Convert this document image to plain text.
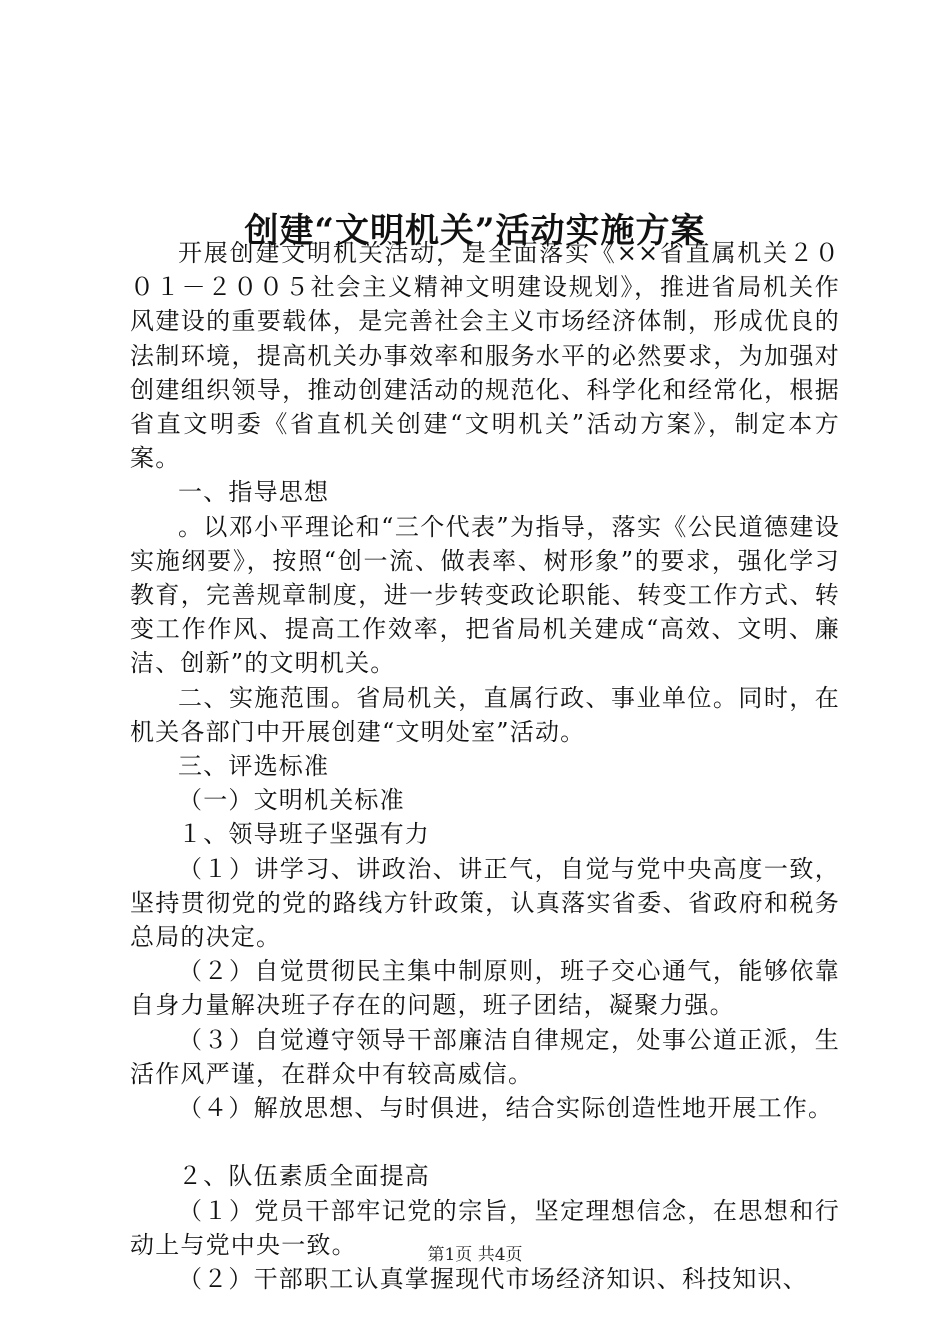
创建“文明机关”活动实施方案

开展创建文明机关活动，是全面落实《××省直属机关２００１－２００５社会主义精神文明建设规划》，推进省局机关作风建设的重要载体，是完善社会主义市场经济体制，形成优良的法制环境，提高机关办事效率和服务水平的必然要求，为加强对创建组织领导，推动创建活动的规范化、科学化和经常化，根据省直文明委《省直机关创建“文明机关”活动方案》，制定本方案。

一、指导思想

。以邓小平理论和“三个代表”为指导，落实《公民道德建设实施纲要》，按照“创一流、做表率、树形象”的要求，强化学习教育，完善规章制度，进一步转变政论职能、转变工作方式、转变工作作风、提高工作效率，把省局机关建成“高效、文明、廉洁、创新”的文明机关。

二、实施范围。省局机关，直属行政、事业单位。同时，在机关各部门中开展创建“文明处室”活动。

三、评选标准

（一）文明机关标准

１、领导班子坚强有力

（１）讲学习、讲政治、讲正气，自觉与党中央高度一致，坚持贯彻党的党的路线方针政策，认真落实省委、省政府和税务总局的决定。

（２）自觉贯彻民主集中制原则，班子交心通气，能够依靠自身力量解决班子存在的问题，班子团结，凝聚力强。

（３）自觉遵守领导干部廉洁自律规定，处事公道正派，生活作风严谨，在群众中有较高威信。

（４）解放思想、与时俱进，结合实际创造性地开展工作。

２、队伍素质全面提高

（１）党员干部牢记党的宗旨，坚定理想信念，在思想和行动上与党中央一致。

（２）干部职工认真掌握现代市场经济知识、科技知识、

第1页 共4页
